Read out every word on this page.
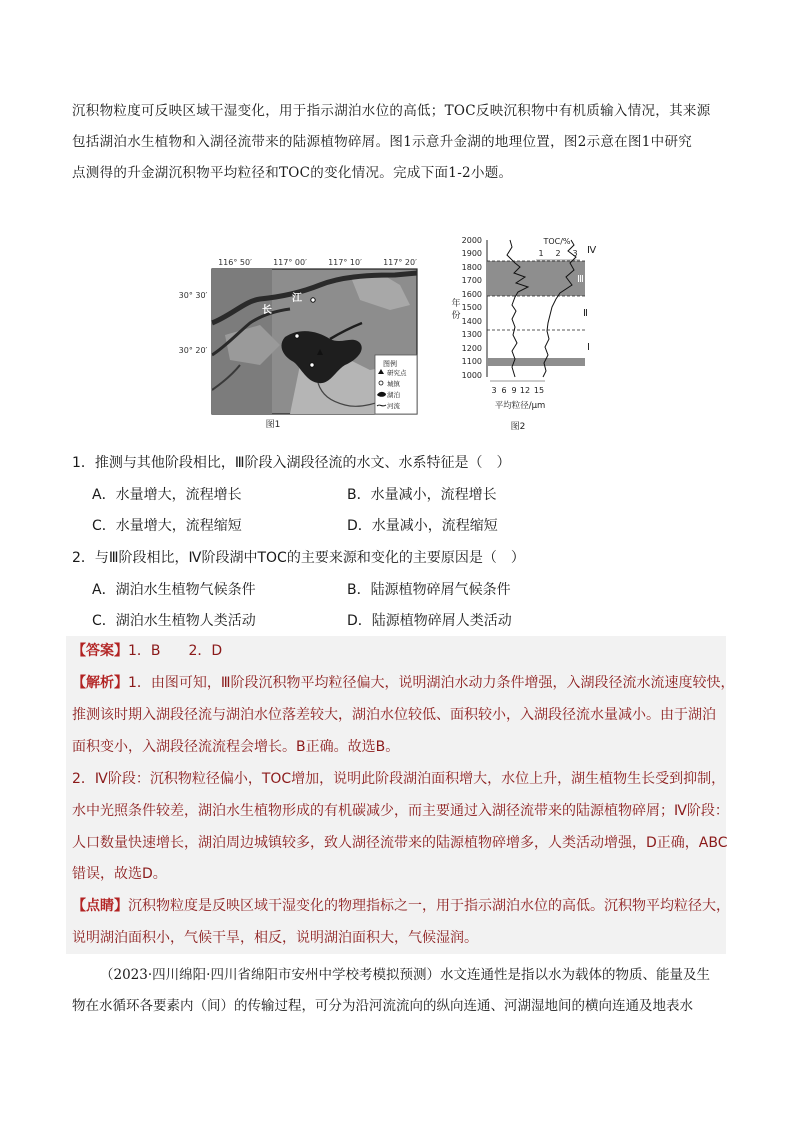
沉积物粒度可反映区域干湿变化，用于指示湖泊水位的高低；TOC反映沉积物中有机质输入情况，其来源

包括湖泊水生植物和入湖径流带来的陆源植物碎屑。图1示意升金湖的地理位置，图2示意在图1中研究

点测得的升金湖沉积物平均粒径和TOC的变化情况。完成下面1-2小题。

116° 50′	117° 00′	117° 10′	117° 20′
30° 30′
30° 20′
长
江
图例
研究点
城镇
湖泊
河流
图1
TOC/%
1 2 3
2000
1900
1800
1700
1600
1500
1400
1300
1200
1100
1000
年
份
Ⅳ
Ⅲ
Ⅱ
Ⅰ
3 6 9 12 15
平均粒径/μm
图2
1．推测与其他阶段相比，Ⅲ阶段入湖段径流的水文、水系特征是（　）
A．水量增大，流程增长	B．水量减小，流程增长
C．水量增大，流程缩短	D．水量减小，流程缩短
2．与Ⅲ阶段相比，Ⅳ阶段湖中TOC的主要来源和变化的主要原因是（　）
A．湖泊水生植物气候条件	B．陆源植物碎屑气候条件
C．湖泊水生植物人类活动	D．陆源植物碎屑人类活动
【答案】1．B　　2．D
【解析】1．由图可知，Ⅲ阶段沉积物平均粒径偏大，说明湖泊水动力条件增强，入湖段径流水流速度较快，
推测该时期入湖段径流与湖泊水位落差较大，湖泊水位较低、面积较小，入湖段径流水量减小。由于湖泊
面积变小，入湖段径流流程会增长。B正确。故选B。
2．Ⅳ阶段：沉积物粒径偏小，TOC增加，说明此阶段湖泊面积增大，水位上升，湖生植物生长受到抑制，
水中光照条件较差，湖泊水生植物形成的有机碳减少，而主要通过入湖径流带来的陆源植物碎屑；Ⅳ阶段：
人口数量快速增长，湖泊周边城镇较多，致人湖径流带来的陆源植物碎增多，人类活动增强，D正确，ABC
错误，故选D。
【点睛】沉积物粒度是反映区域干湿变化的物理指标之一，用于指示湖泊水位的高低。沉积物平均粒径大，
说明湖泊面积小，气候干旱，相反，说明湖泊面积大，气候湿润。
（2023·四川绵阳·四川省绵阳市安州中学校考模拟预测）水文连通性是指以水为载体的物质、能量及生
物在水循环各要素内（间）的传输过程，可分为沿河流流向的纵向连通、河湖湿地间的横向连通及地表水
